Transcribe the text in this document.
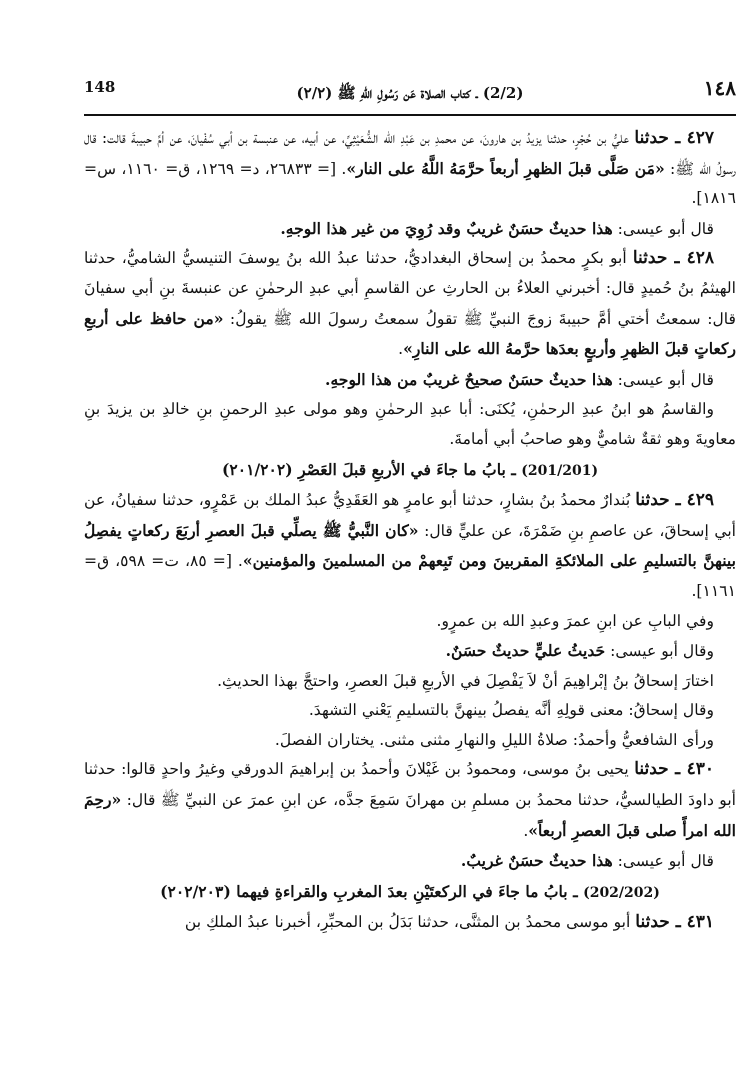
148	(2/2) ـ كتاب الصلاة عَن رَسُولِ اللهِ ﷺ (٢/٢)	١٤٨

٤٢٧ ـ حدثنا عليُّ بن حُجْرٍ، حدثنا يزيدُ بن هارونَ، عن محمدِ بن عَبْدِ الله الشُّعَيْثِيِّ، عن أبيه، عن عنبسة بن أبي سُفْيانَ، عن أمِّ حبيبةَ قالت: قال رسولُ الله ﷺ: «مَن صَلَّى قبلَ الظهرِ أربعاً حرَّمَهُ اللَّهُ على النار». [= ٢٦٨٣٣، د= ١٢٦٩، ق= ١١٦٠، س= ١٨١٦].

قال أبو عيسى: هذا حديثٌ حسَنٌ غريبٌ وقد رُوِيَ من غير هذا الوجهِ.

٤٢٨ ـ حدثنا أبو بكرٍ محمدُ بن إسحاق البغداديُّ، حدثنا عبدُ الله بنُ يوسفَ التنيسيُّ الشاميُّ، حدثنا الهيثمُ بنُ حُميدٍ قال: أخبرني العلاءُ بن الحارثِ عن القاسمِ أبي عبدِ الرحمٰنِ عن عنبسةَ بنِ أبي سفيانَ قال: سمعتُ أختي أمَّ حبيبةَ زوجَ النبيِّ ﷺ تقولُ سمعتُ رسولَ الله ﷺ يقولُ: «من حافظ على أربعِ ركعاتٍ قبلَ الظهرِ وأربعٍ بعدَها حرَّمهُ الله على النارِ».

قال أبو عيسى: هذا حديثٌ حسَنٌ صحيحٌ غريبٌ من هذا الوجهِ.

والقاسمُ هو ابنُ عبدِ الرحمٰنِ، يُكنَى: أبا عبدِ الرحمٰنِ وهو مولى عبدِ الرحمنِ بنِ خالدِ بن يزيدَ بنِ معاويةَ وهو ثقةٌ شاميٌّ وهو صاحبُ أبي أمامةَ.

(201/201) ـ بابُ ما جاءَ في الأربعِ قبلَ العَصْرِ (٢٠١/٢٠٢)

٤٢٩ ـ حدثنا بُندارٌ محمدُ بنُ بشارٍ، حدثنا أبو عامرٍ هو العَقَدِيُّ عبدُ الملك بن عَمْرٍو، حدثنا سفيانُ، عن أبي إسحاقَ، عن عاصمِ بنِ ضَمْرَةَ، عن عليٍّ قال: «كان النَّبيُّ ﷺ يصلِّي قبلَ العصرِ أربَعَ ركعاتٍ يفصِلُ بينهنَّ بالتسليمِ على الملائكةِ المقربينَ ومن تَبِعهمْ من المسلمينَ والمؤمنين». [= ٨٥، ت= ٥٩٨، ق= ١١٦١].

وفي البابِ عن ابنِ عمرَ وعبدِ الله بن عمرٍو.

وقال أبو عيسى: حَديثُ عليٍّ حديثٌ حسَنٌ.

اختارَ إسحاقُ بنُ إبْراهِيمَ أنْ لاَ يَفْصِلَ في الأربعِ قبلَ العصرِ، واحتجَّ بهذا الحديثِ.

وقال إسحاقُ: معنى قولِهِ أنَّه يفصلُ بينهنَّ بالتسليمِ يَعْني التشهدَ.

ورأى الشافعيُّ وأحمدُ: صلاةُ الليلِ والنهارِ مثنى مثنى. يختاران الفصلَ.

٤٣٠ ـ حدثنا يحيى بنُ موسى، ومحمودُ بن غَيْلانَ وأحمدُ بن إبراهيمَ الدورقي وغيرُ واحدٍ قالوا: حدثنا أبو داودَ الطيالسيُّ، حدثنا محمدُ بن مسلمِ بن مهرانَ سَمِعَ جدَّه، عن ابنِ عمرَ عن النبيِّ ﷺ قال: «رحِمَ الله امرأً صلى قبلَ العصرِ أربعاً».

قال أبو عيسى: هذا حديثٌ حسَنٌ غريبٌ.

(202/202) ـ بابُ ما جاءَ في الركعتَيْنِ بعدَ المغربِ والقراءةِ فيهما (٢٠٢/٢٠٣)

٤٣١ ـ حدثنا أبو موسى محمدُ بن المثنَّى، حدثنا بَدَلُ بن المحبِّرِ، أخبرنا عبدُ الملكِ بن
